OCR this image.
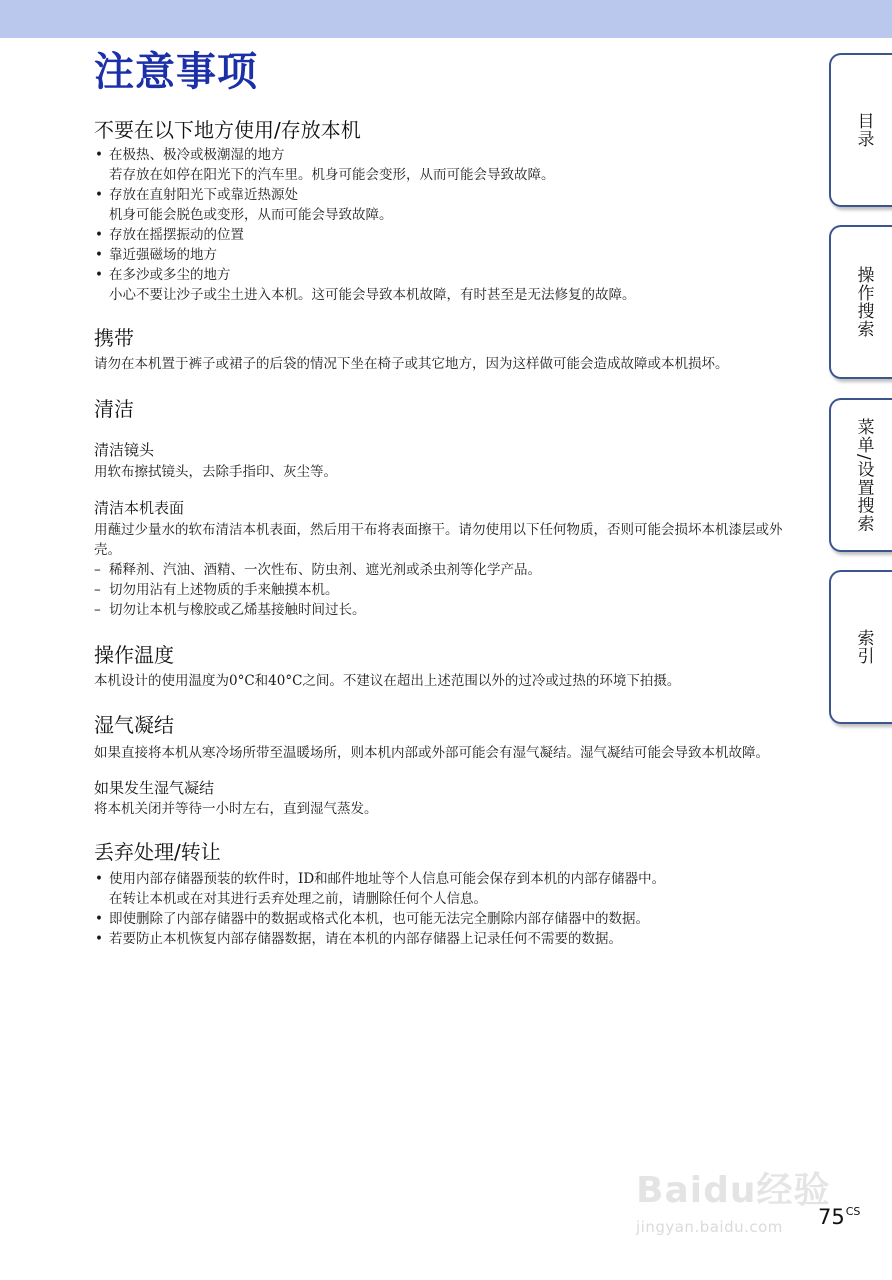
注意事项
不要在以下地方使用/存放本机
• 在极热、极冷或极潮湿的地方
若存放在如停在阳光下的汽车里。机身可能会变形，从而可能会导致故障。
• 存放在直射阳光下或靠近热源处
机身可能会脱色或变形，从而可能会导致故障。
• 存放在摇摆振动的位置
• 靠近强磁场的地方
• 在多沙或多尘的地方
小心不要让沙子或尘土进入本机。这可能会导致本机故障，有时甚至是无法修复的故障。
携带

请勿在本机置于裤子或裙子的后袋的情况下坐在椅子或其它地方，因为这样做可能会造成故障或本机损坏。

清洁
清洁镜头

用软布擦拭镜头，去除手指印、灰尘等。

清洁本机表面

用蘸过少量水的软布清洁本机表面，然后用干布将表面擦干。请勿使用以下任何物质，否则可能会损坏本机漆层或外壳。

– 稀释剂、汽油、酒精、一次性布、防虫剂、遮光剂或杀虫剂等化学产品。
– 切勿用沾有上述物质的手来触摸本机。
– 切勿让本机与橡胶或乙烯基接触时间过长。
操作温度

本机设计的使用温度为0°C和40°C之间。不建议在超出上述范围以外的过冷或过热的环境下拍摄。

湿气凝结

如果直接将本机从寒冷场所带至温暖场所，则本机内部或外部可能会有湿气凝结。湿气凝结可能会导致本机故障。

如果发生湿气凝结

将本机关闭并等待一小时左右，直到湿气蒸发。

丢弃处理/转让
• 使用内部存储器预装的软件时，ID和邮件地址等个人信息可能会保存到本机的内部存储器中。
在转让本机或在对其进行丢弃处理之前，请删除任何个人信息。
• 即使删除了内部存储器中的数据或格式化本机，也可能无法完全删除内部存储器中的数据。
• 若要防止本机恢复内部存储器数据，请在本机的内部存储器上记录任何不需要的数据。
目录
操作搜索
菜单/设置搜索
索引
Baidu经验
jingyan.baidu.com $75^{CS}$
